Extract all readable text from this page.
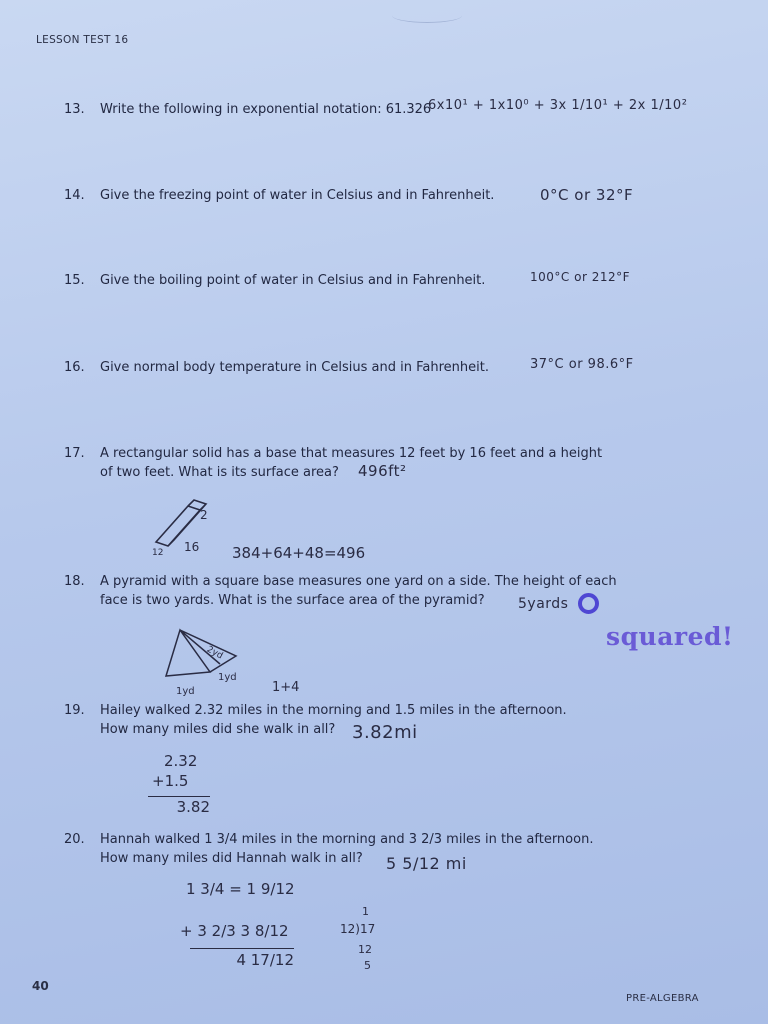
LESSON TEST 16
13. Write the following in exponential notation: 61.326
6x10¹ + 1x10⁰ + 3x 1/10¹ + 2x 1/10²
14. Give the freezing point of water in Celsius and in Fahrenheit.	0°C or 32°F
15. Give the boiling point of water in Celsius and in Fahrenheit.	100°C or 212°F
16. Give normal body temperature in Celsius and in Fahrenheit.	37°C or 98.6°F
17. A rectangular solid has a base that measures 12 feet by 16 feet and a height
of two feet. What is its surface area?	496ft²
2
16
12	384+64+48=496
18. A pyramid with a square base measures one yard on a side. The height of each
face is two yards. What is the surface area of the pyramid?	5yards
squared!
2yd
1yd
1yd	1+4
19. Hailey walked 2.32 miles in the morning and 1.5 miles in the afternoon.
How many miles did she walk in all? 3.82mi
2.32
+1.5
3.82
20. Hannah walked 1 3/4 miles in the morning and 3 2/3 miles in the afternoon.
How many miles did Hannah walk in all?	5 5/12 mi
1 3/4 = 1 9/12
+ 3 2/3 3 8/12
4 17/12
1
12)17
12
5
40
PRE-ALGEBRA
